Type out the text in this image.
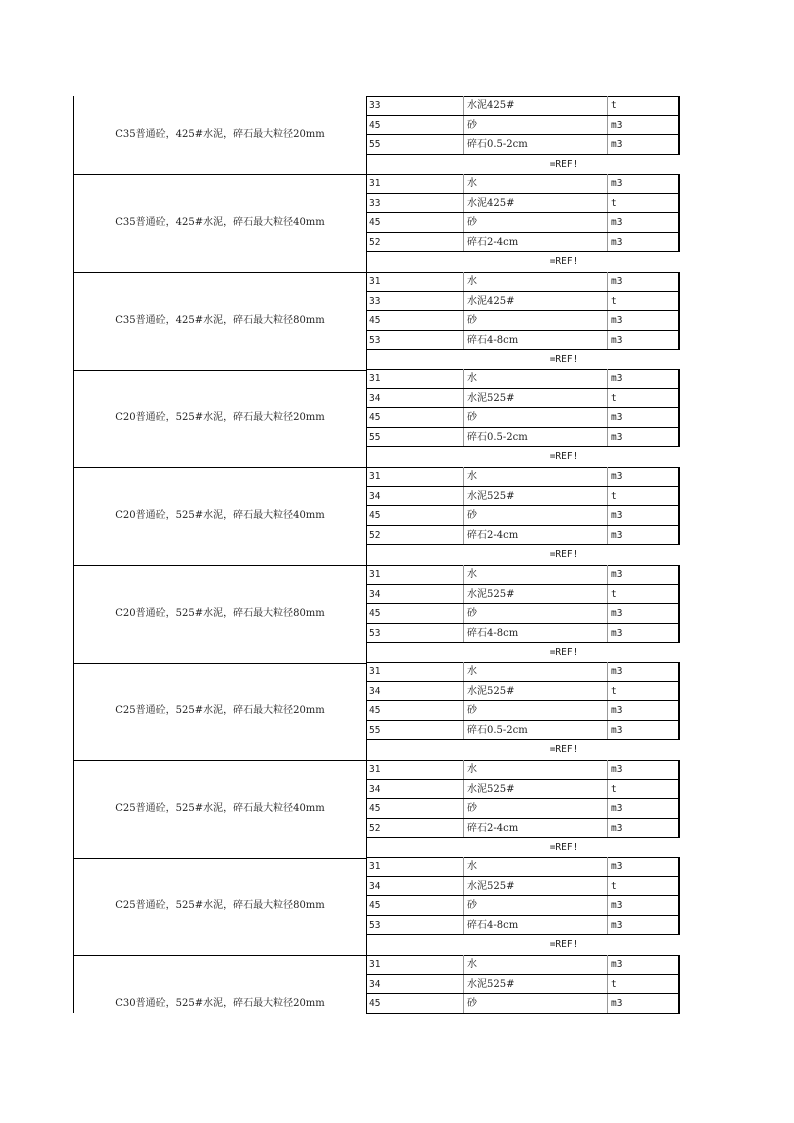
C35普通砼，425#水泥，碎石最大粒径20mm
33	水泥425#	t
45	砂	m3
55	碎石0.5-2cm	m3
=REF!
C35普通砼，425#水泥，碎石最大粒径40mm
31	水	m3
33	水泥425#	t
45	砂	m3
52	碎石2-4cm	m3
=REF!
C35普通砼，425#水泥，碎石最大粒径80mm
31	水	m3
33	水泥425#	t
45	砂	m3
53	碎石4-8cm	m3
=REF!
C20普通砼，525#水泥，碎石最大粒径20mm
31	水	m3
34	水泥525#	t
45	砂	m3
55	碎石0.5-2cm	m3
=REF!
C20普通砼，525#水泥，碎石最大粒径40mm
31	水	m3
34	水泥525#	t
45	砂	m3
52	碎石2-4cm	m3
=REF!
C20普通砼，525#水泥，碎石最大粒径80mm
31	水	m3
34	水泥525#	t
45	砂	m3
53	碎石4-8cm	m3
=REF!
C25普通砼，525#水泥，碎石最大粒径20mm
31	水	m3
34	水泥525#	t
45	砂	m3
55	碎石0.5-2cm	m3
=REF!
C25普通砼，525#水泥，碎石最大粒径40mm
31	水	m3
34	水泥525#	t
45	砂	m3
52	碎石2-4cm	m3
=REF!
C25普通砼，525#水泥，碎石最大粒径80mm
31	水	m3
34	水泥525#	t
45	砂	m3
53	碎石4-8cm	m3
=REF!
C30普通砼，525#水泥，碎石最大粒径20mm
31	水	m3
34	水泥525#	t
45	砂	m3
